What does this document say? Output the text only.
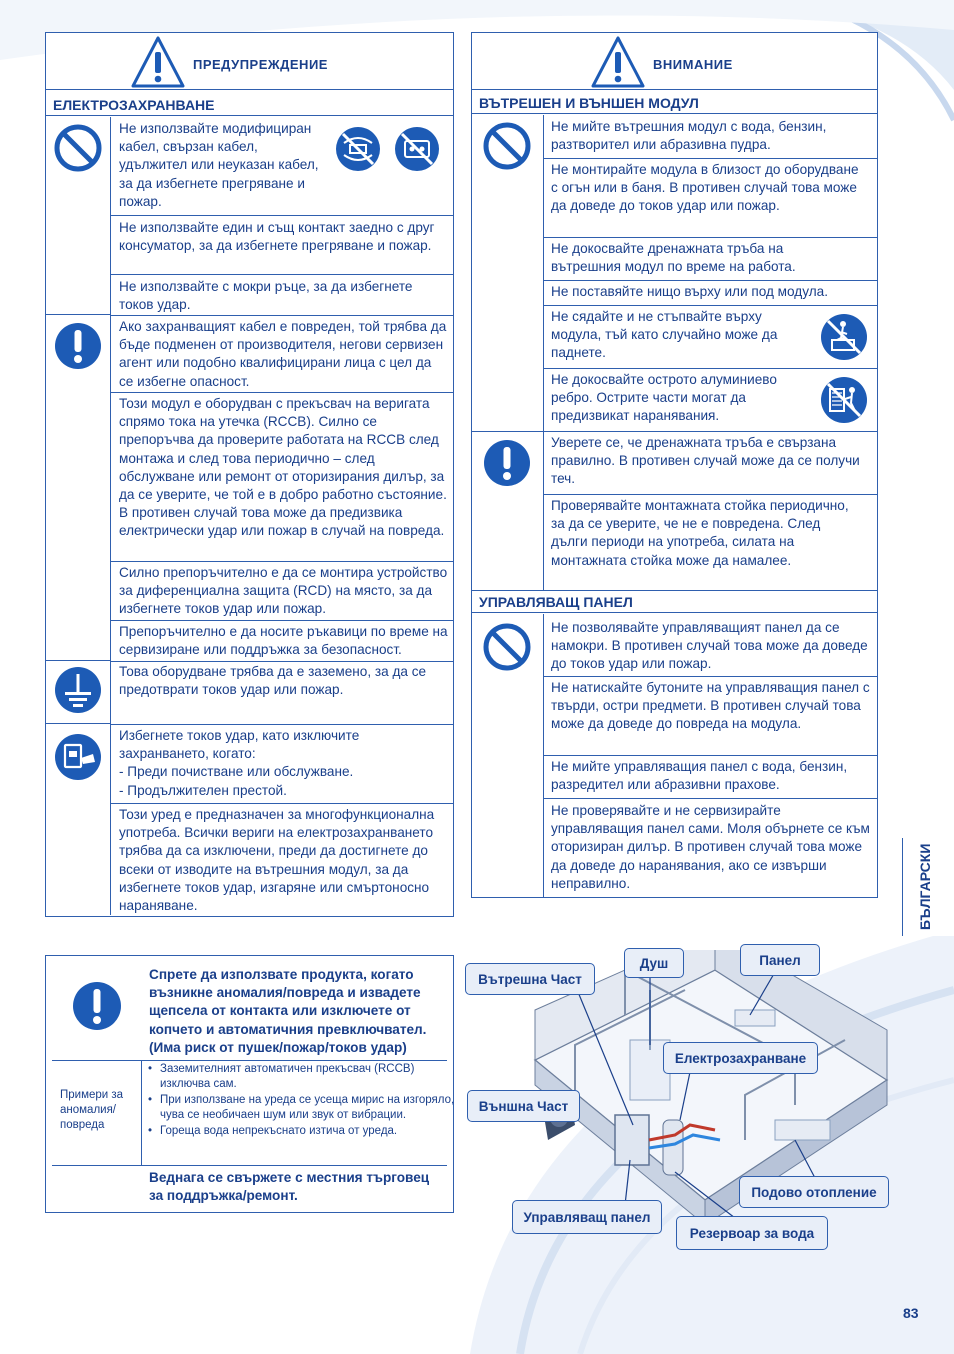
ПРЕДУПРЕЖДЕНИЕ
ЕЛЕКТРОЗАХРАНВАНЕ
Не използвайте модифициран кабел, свързан кабел, удължител или неуказан кабел, за да избегнете прегряване и пожар.
Не използвайте един и същ контакт заедно с друг консуматор, за да избегнете прегряване и пожар.
Не използвайте с мокри ръце, за да избегнете токов удар.
Ако захранващият кабел е повреден, той трябва да бъде подменен от производителя, негови сервизен агент или подобно квалифицирани лица с цел да се избегне опасност.
Този модул е оборудван с прекъсвач на веригата спрямо тока на утечка (RCCB). Силно се препоръчва да проверите работата на RCCB след монтажа и след това периодично – след обслужване или ремонт от оторизирания дилър, за да се уверите, че той е в добро работно състояние. В противен случай това може да предизвика електрически удар или пожар в случай на повреда.
Силно препоръчително е да се монтира устройство за диференциална защита (RCD) на място, за да избегнете токов удар или пожар.
Препоръчително е да носите ръкавици по време на сервизиране или поддръжка за безопасност.
Това оборудване трябва да е заземено, за да се предотврати токов удар или пожар.
Избегнете токов удар, като изключите захранването, когато:
- Преди почистване или обслужване.
- Продължителен престой.
Този уред е предназначен за многофункционална употреба. Всички вериги на електрозахранването трябва да са изключени, преди да достигнете до всеки от изводите на вътрешния модул, за да избегнете токов удар, изгаряне или смъртоносно нараняване.
ВНИМАНИЕ
ВЪТРЕШЕН И ВЪНШЕН МОДУЛ
УПРАВЛЯВАЩ ПАНЕЛ
Не мийте вътрешния модул с вода, бензин, разтворител или абразивна пудра.
Не монтирайте модула в близост до оборудване с огън или в баня. В противен случай това може да доведе до токов удар или пожар.
Не докосвайте дренажната тръба на вътрешния модул по време на работа.
Не поставяйте нищо върху или под модула.
Не сядайте и не стъпвайте върху модула, тъй като случайно може да паднете.
Не докосвайте острото алуминиево ребро. Острите части могат да предизвикат наранявания.
Уверете се, че дренажната тръба е свързана правилно. В противен случай може да се получи теч.
Проверявайте монтажната стойка периодично, за да се уверите, че не е повредена. След дълги периоди на употреба, силата на монтажната стойка може да намалее.
Не позволявайте управляващият панел да се намокри. В противен случай това може да доведе до токов удар или пожар.
Не натискайте бутоните на управляващия панел с твърди, остри предмети. В противен случай това може да доведе до повреда на модула.
Не мийте управляващия панел с вода, бензин, разредител или абразивни прахове.
Не проверявайте и не сервизирайте управляващия панел сами. Моля обърнете се към оторизиран дилър. В противен случай това може да доведе до наранявания, ако се извърши неправилно.	БЪЛГАРСКИ
Спрете да използвате продукта, когато възникне аномалия/повреда и извадете щепсела от контакта или изключете от копчето и автоматичния превключвател. (Има риск от пушек/пожар/токов удар)
Примери за аномалия/ повреда
• Заземителният автоматичен прекъсвач (RCCB) изключва сам.
• При използване на уреда се усеща мирис на изгоряло, чува се необичаен шум или звук от вибрации.
• Гореща вода непрекъснато изтича от уреда.
Веднага се свържете с местния търговец за поддръжка/ремонт.
Вътрешна Част
Душ	Панел
Електрозахранване
Външна Част
Подово отопление
Управляващ панел
Резервоар за вода
83
